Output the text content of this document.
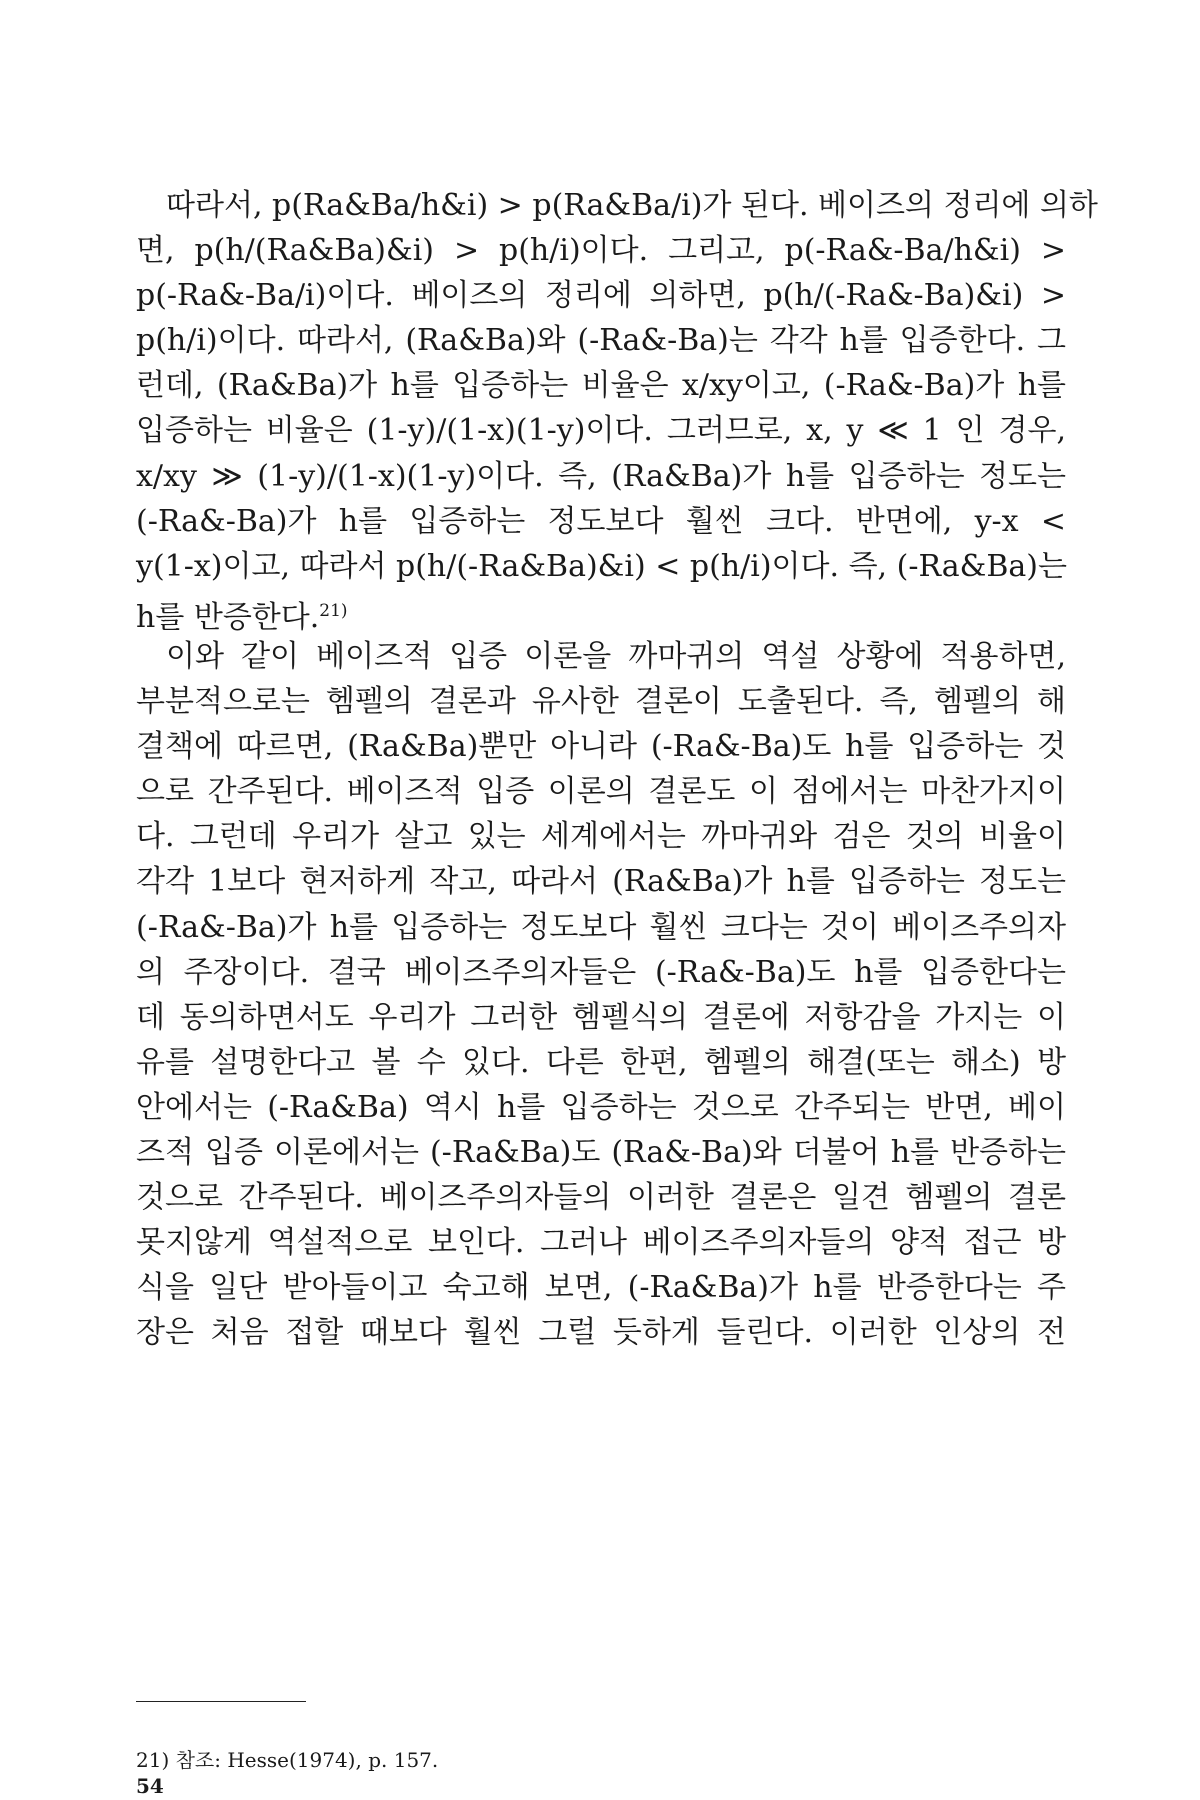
따라서, p(Ra&Ba/h&i) > p(Ra&Ba/i)가 된다. 베이즈의 정리에 의하
면, p(h/(Ra&Ba)&i) > p(h/i)이다. 그리고, p(-Ra&-Ba/h&i) >
p(-Ra&-Ba/i)이다. 베이즈의 정리에 의하면, p(h/(-Ra&-Ba)&i) >
p(h/i)이다. 따라서, (Ra&Ba)와 (-Ra&-Ba)는 각각 h를 입증한다. 그
런데, (Ra&Ba)가 h를 입증하는 비율은 x/xy이고, (-Ra&-Ba)가 h를
입증하는 비율은 (1-y)/(1-x)(1-y)이다. 그러므로, x, y ≪ 1 인 경우,
x/xy ≫ (1-y)/(1-x)(1-y)이다. 즉, (Ra&Ba)가 h를 입증하는 정도는
(-Ra&-Ba)가 h를 입증하는 정도보다 훨씬 크다. 반면에, y-x <
y(1-x)이고, 따라서 p(h/(-Ra&Ba)&i) < p(h/i)이다. 즉, (-Ra&Ba)는
h를 반증한다.$^{21)}$
이와 같이 베이즈적 입증 이론을 까마귀의 역설 상황에 적용하면,
부분적으로는 헴펠의 결론과 유사한 결론이 도출된다. 즉, 헴펠의 해
결책에 따르면, (Ra&Ba)뿐만 아니라 (-Ra&-Ba)도 h를 입증하는 것
으로 간주된다. 베이즈적 입증 이론의 결론도 이 점에서는 마찬가지이
다. 그런데 우리가 살고 있는 세계에서는 까마귀와 검은 것의 비율이
각각 1보다 현저하게 작고, 따라서 (Ra&Ba)가 h를 입증하는 정도는
(-Ra&-Ba)가 h를 입증하는 정도보다 훨씬 크다는 것이 베이즈주의자
의 주장이다. 결국 베이즈주의자들은 (-Ra&-Ba)도 h를 입증한다는
데 동의하면서도 우리가 그러한 헴펠식의 결론에 저항감을 가지는 이
유를 설명한다고 볼 수 있다. 다른 한편, 헴펠의 해결(또는 해소) 방
안에서는 (-Ra&Ba) 역시 h를 입증하는 것으로 간주되는 반면, 베이
즈적 입증 이론에서는 (-Ra&Ba)도 (Ra&-Ba)와 더불어 h를 반증하는
것으로 간주된다. 베이즈주의자들의 이러한 결론은 일견 헴펠의 결론
못지않게 역설적으로 보인다. 그러나 베이즈주의자들의 양적 접근 방
식을 일단 받아들이고 숙고해 보면, (-Ra&Ba)가 h를 반증한다는 주
장은 처음 접할 때보다 훨씬 그럴 듯하게 들린다. 이러한 인상의 전
21) 참조: Hesse(1974), p. 157.
54
